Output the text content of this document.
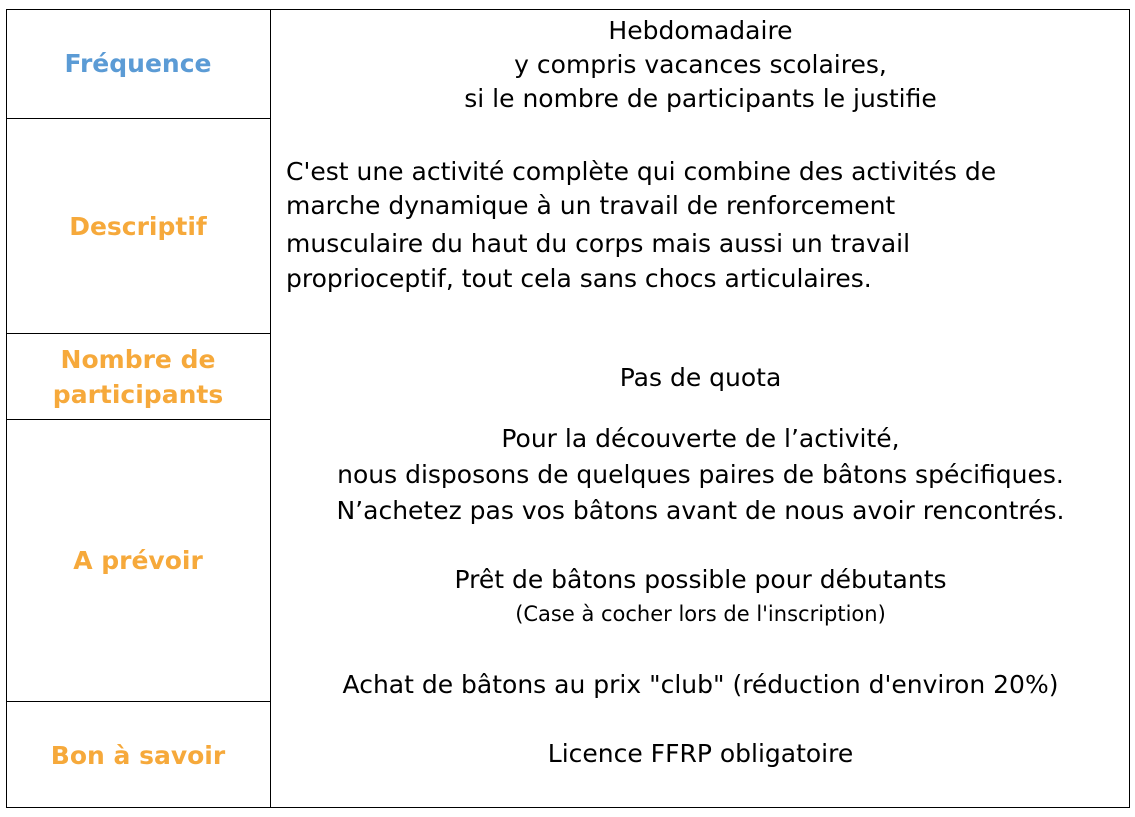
Fréquence
Hebdomadaire
y compris vacances scolaires,
si le nombre de participants le justifie
Descriptif
C'est une activité complète qui combine des activités de
marche dynamique à un travail de renforcement
musculaire du haut du corps mais aussi un travail
proprioceptif, tout cela sans chocs articulaires.
Nombre de
participants
Pas de quota
A prévoir
Pour la découverte de l’activité,
nous disposons de quelques paires de bâtons spécifiques.
N’achetez pas vos bâtons avant de nous avoir rencontrés.
Prêt de bâtons possible pour débutants
(Case à cocher lors de l'inscription)
Achat de bâtons au prix "club" (réduction d'environ 20%)
Bon à savoir	Licence FFRP obligatoire
